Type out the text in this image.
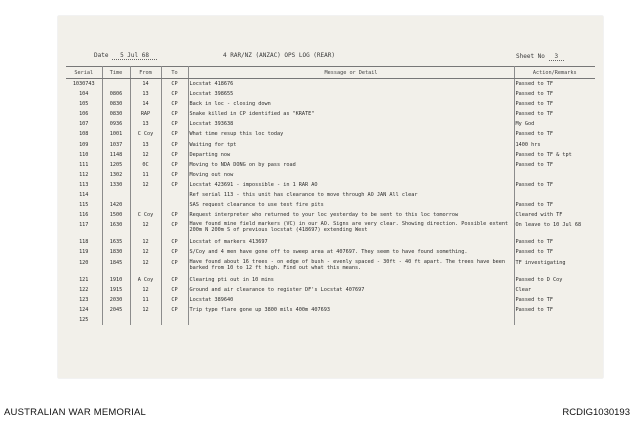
Date 5 Jul 68	4 RAR/NZ (ANZAC) OPS LOG (REAR)	Sheet No 3
Serial	Time	From	To	Message or Detail	Action/Remarks
1030743		14	CP	Locstat 418676	Passed to TF
104	0806	13	CP	Locstat 398655	Passed to TF
105	0830	14	CP	Back in loc - closing down	Passed to TF
106	0830	RAP	CP	Snake killed in CP identified as "KRATE"	Passed to TF
107	0936	13	CP	Locstat 393638	My God
108	1001	C Coy	CP	What time resup this loc today	Passed to TF
109	1037	13	CP	Waiting for tpt	1400 hrs
110	1148	12	CP	Departing now	Passed to TF & tpt
111	1205	0C	CP	Moving to NDA DONG on by pass road	Passed to TF
112	1302	11	CP	Moving out now	
113	1330	12	CP	Locstat 423691 - impossible - in 1 RAR AO	Passed to TF
114				Ref serial 113 - this unit has clearance to move through AO JAN All clear	
115	1420			SAS request clearance to use test fire pits	Passed to TF
116	1500	C Coy	CP	Request interpreter who returned to your loc yesterday to be sent to this loc tomorrow	Cleared with TF
117	1630	12	CP	Have found mine field markers (VC) in our AO. Signs are very clear. Showing direction. Possible extent 200m N 200m S of previous locstat (418697) extending West	On leave to 10 Jul 68
118	1635	12	CP	Locstat of markers 413697	Passed to TF
119	1830	12	CP	S/Coy and 4 men have gone off to sweep area at 407697. They seem to have found something.	Passed to TF
120	1845	12	CP	Have found about 16 trees - on edge of bush - evenly spaced - 30ft - 40 ft apart. The trees have been barked from 10 to 12 ft high. Find out what this means.	TF investigating
121	1910	A Coy	CP	Clearing pti out in 10 mins	Passed to D Coy
122	1915	12	CP	Ground and air clearance to register DF's Locstat 407697	Clear
123	2030	11	CP	Locstat 389640	Passed to TF
124	2045	12	CP	Trip type flare gone up 3800 mils 400m 407693	Passed to TF
125					
AUSTRALIAN WAR MEMORIAL	RCDIG1030193
